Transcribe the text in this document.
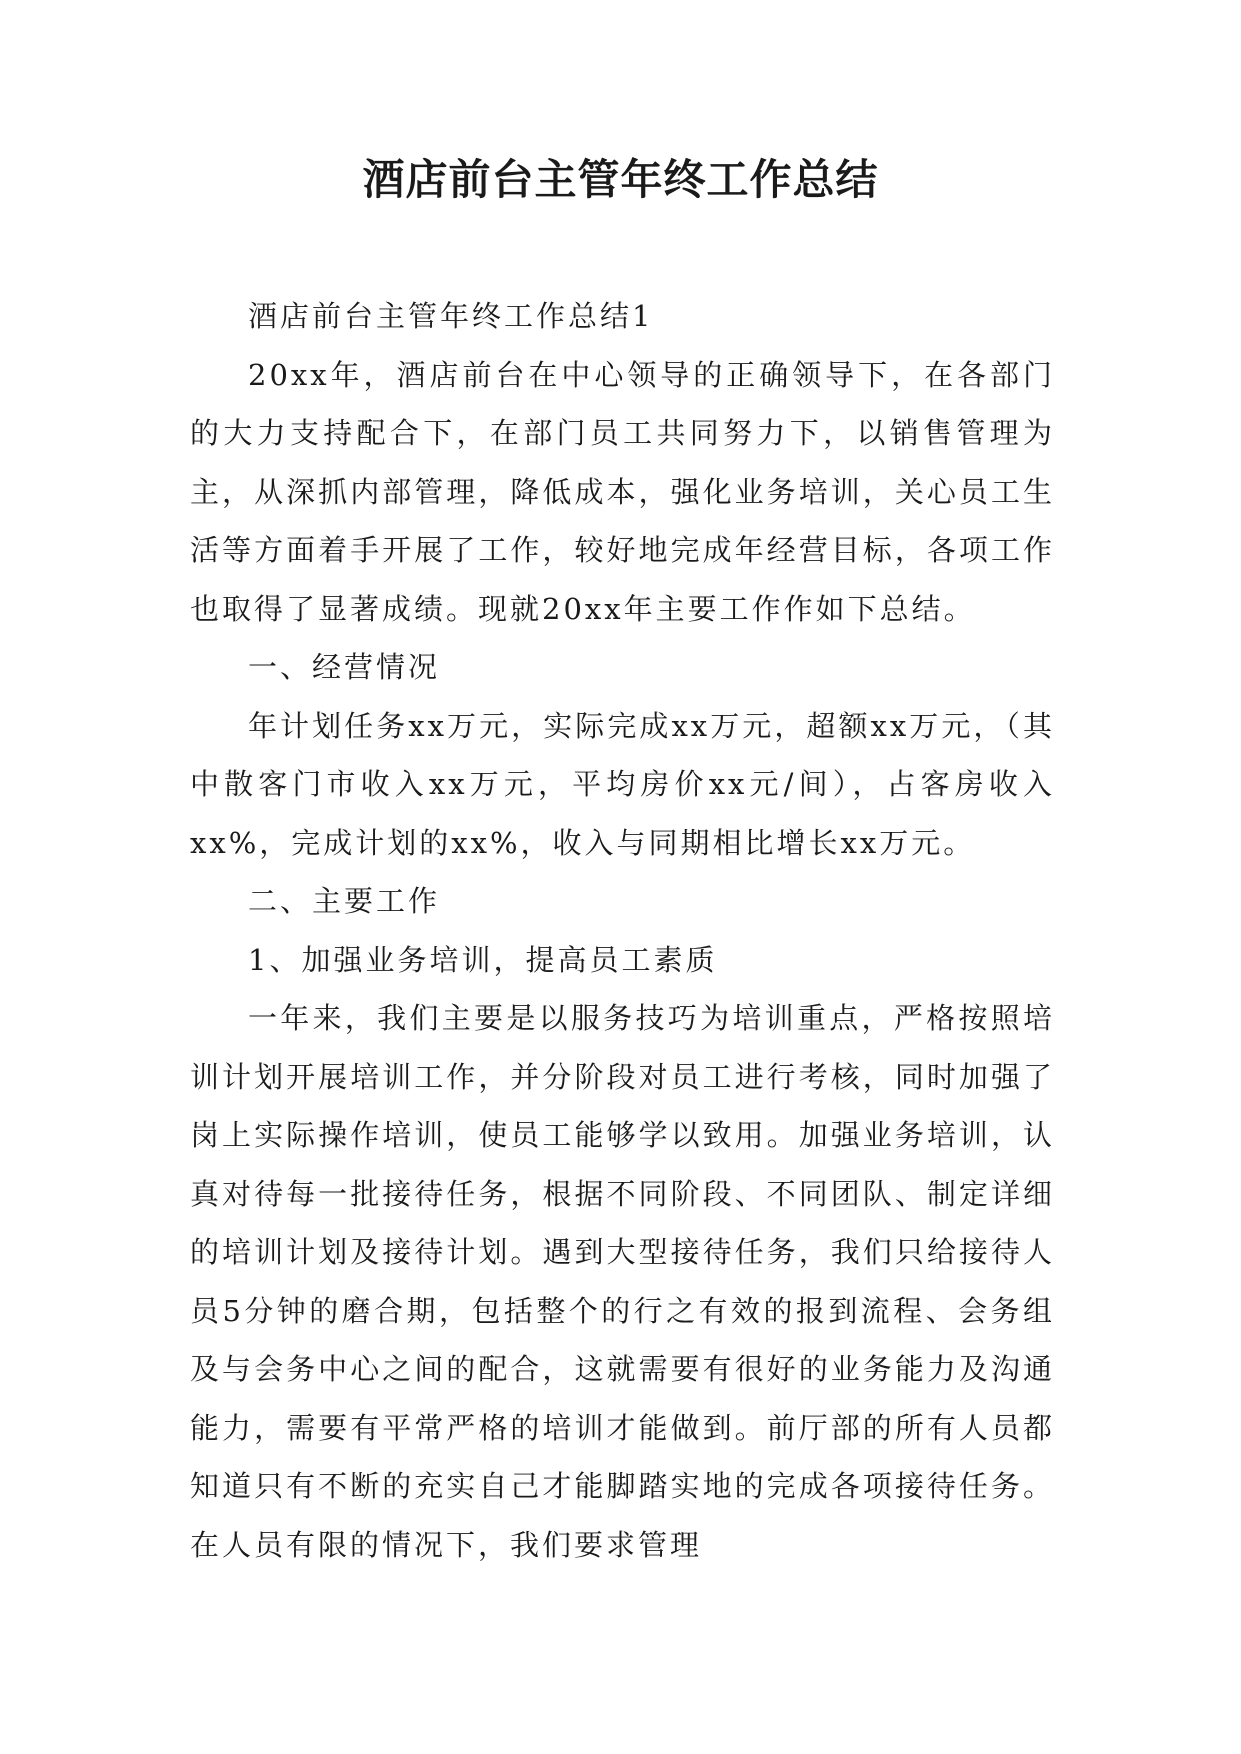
酒店前台主管年终工作总结

酒店前台主管年终工作总结1

20xx年，酒店前台在中心领导的正确领导下，在各部门的大力支持配合下，在部门员工共同努力下，以销售管理为主，从深抓内部管理，降低成本，强化业务培训，关心员工生活等方面着手开展了工作，较好地完成年经营目标，各项工作也取得了显著成绩。现就20xx年主要工作作如下总结。

一、经营情况

年计划任务xx万元，实际完成xx万元，超额xx万元，（其中散客门市收入xx万元，平均房价xx元/间），占客房收入xx%，完成计划的xx%，收入与同期相比增长xx万元。

二、主要工作

1、加强业务培训，提高员工素质

一年来，我们主要是以服务技巧为培训重点，严格按照培训计划开展培训工作，并分阶段对员工进行考核，同时加强了岗上实际操作培训，使员工能够学以致用。加强业务培训，认真对待每一批接待任务，根据不同阶段、不同团队、制定详细的培训计划及接待计划。遇到大型接待任务，我们只给接待人员5分钟的磨合期，包括整个的行之有效的报到流程、会务组及与会务中心之间的配合，这就需要有很好的业务能力及沟通能力，需要有平常严格的培训才能做到。前厅部的所有人员都知道只有不断的充实自己才能脚踏实地的完成各项接待任务。在人员有限的情况下，我们要求管理
